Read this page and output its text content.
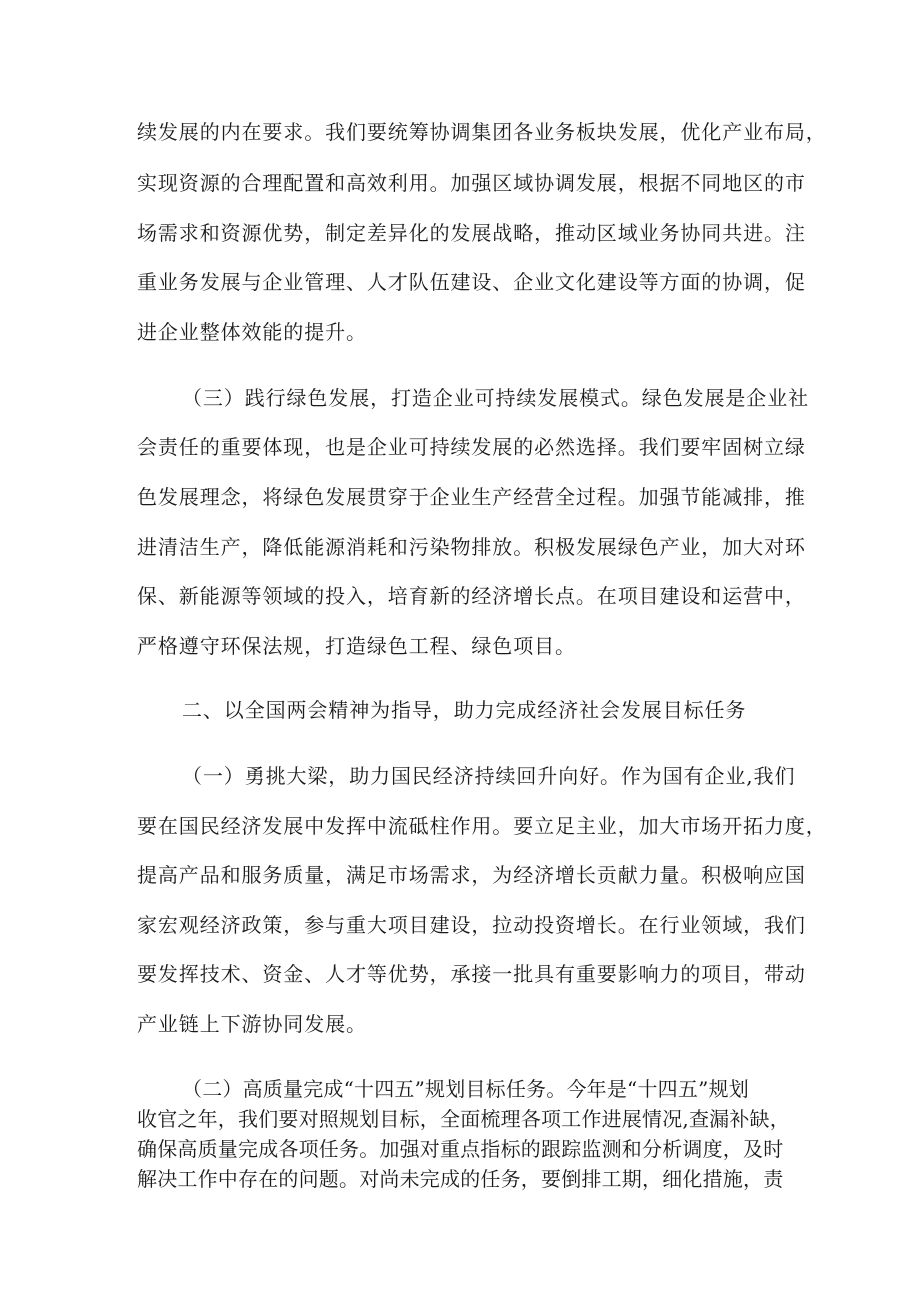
续发展的内在要求。我们要统筹协调集团各业务板块发展，优化产业布局，
实现资源的合理配置和高效利用。加强区域协调发展，根据不同地区的市
场需求和资源优势，制定差异化的发展战略，推动区域业务协同共进。注
重业务发展与企业管理、人才队伍建设、企业文化建设等方面的协调，促
进企业整体效能的提升。
（三）践行绿色发展，打造企业可持续发展模式。绿色发展是企业社
会责任的重要体现，也是企业可持续发展的必然选择。我们要牢固树立绿
色发展理念，将绿色发展贯穿于企业生产经营全过程。加强节能减排，推
进清洁生产，降低能源消耗和污染物排放。积极发展绿色产业，加大对环
保、新能源等领域的投入，培育新的经济增长点。在项目建设和运营中，
严格遵守环保法规，打造绿色工程、绿色项目。
二、以全国两会精神为指导，助力完成经济社会发展目标任务
（一）勇挑大梁，助力国民经济持续回升向好。作为国有企业,我们
要在国民经济发展中发挥中流砥柱作用。要立足主业，加大市场开拓力度，
提高产品和服务质量，满足市场需求，为经济增长贡献力量。积极响应国
家宏观经济政策，参与重大项目建设，拉动投资增长。在行业领域，我们
要发挥技术、资金、人才等优势，承接一批具有重要影响力的项目，带动
产业链上下游协同发展。
（二）高质量完成“十四五”规划目标任务。今年是“十四五”规划
收官之年，我们要对照规划目标，全面梳理各项工作进展情况,查漏补缺，
确保高质量完成各项任务。加强对重点指标的跟踪监测和分析调度，及时
解决工作中存在的问题。对尚未完成的任务，要倒排工期，细化措施，责
